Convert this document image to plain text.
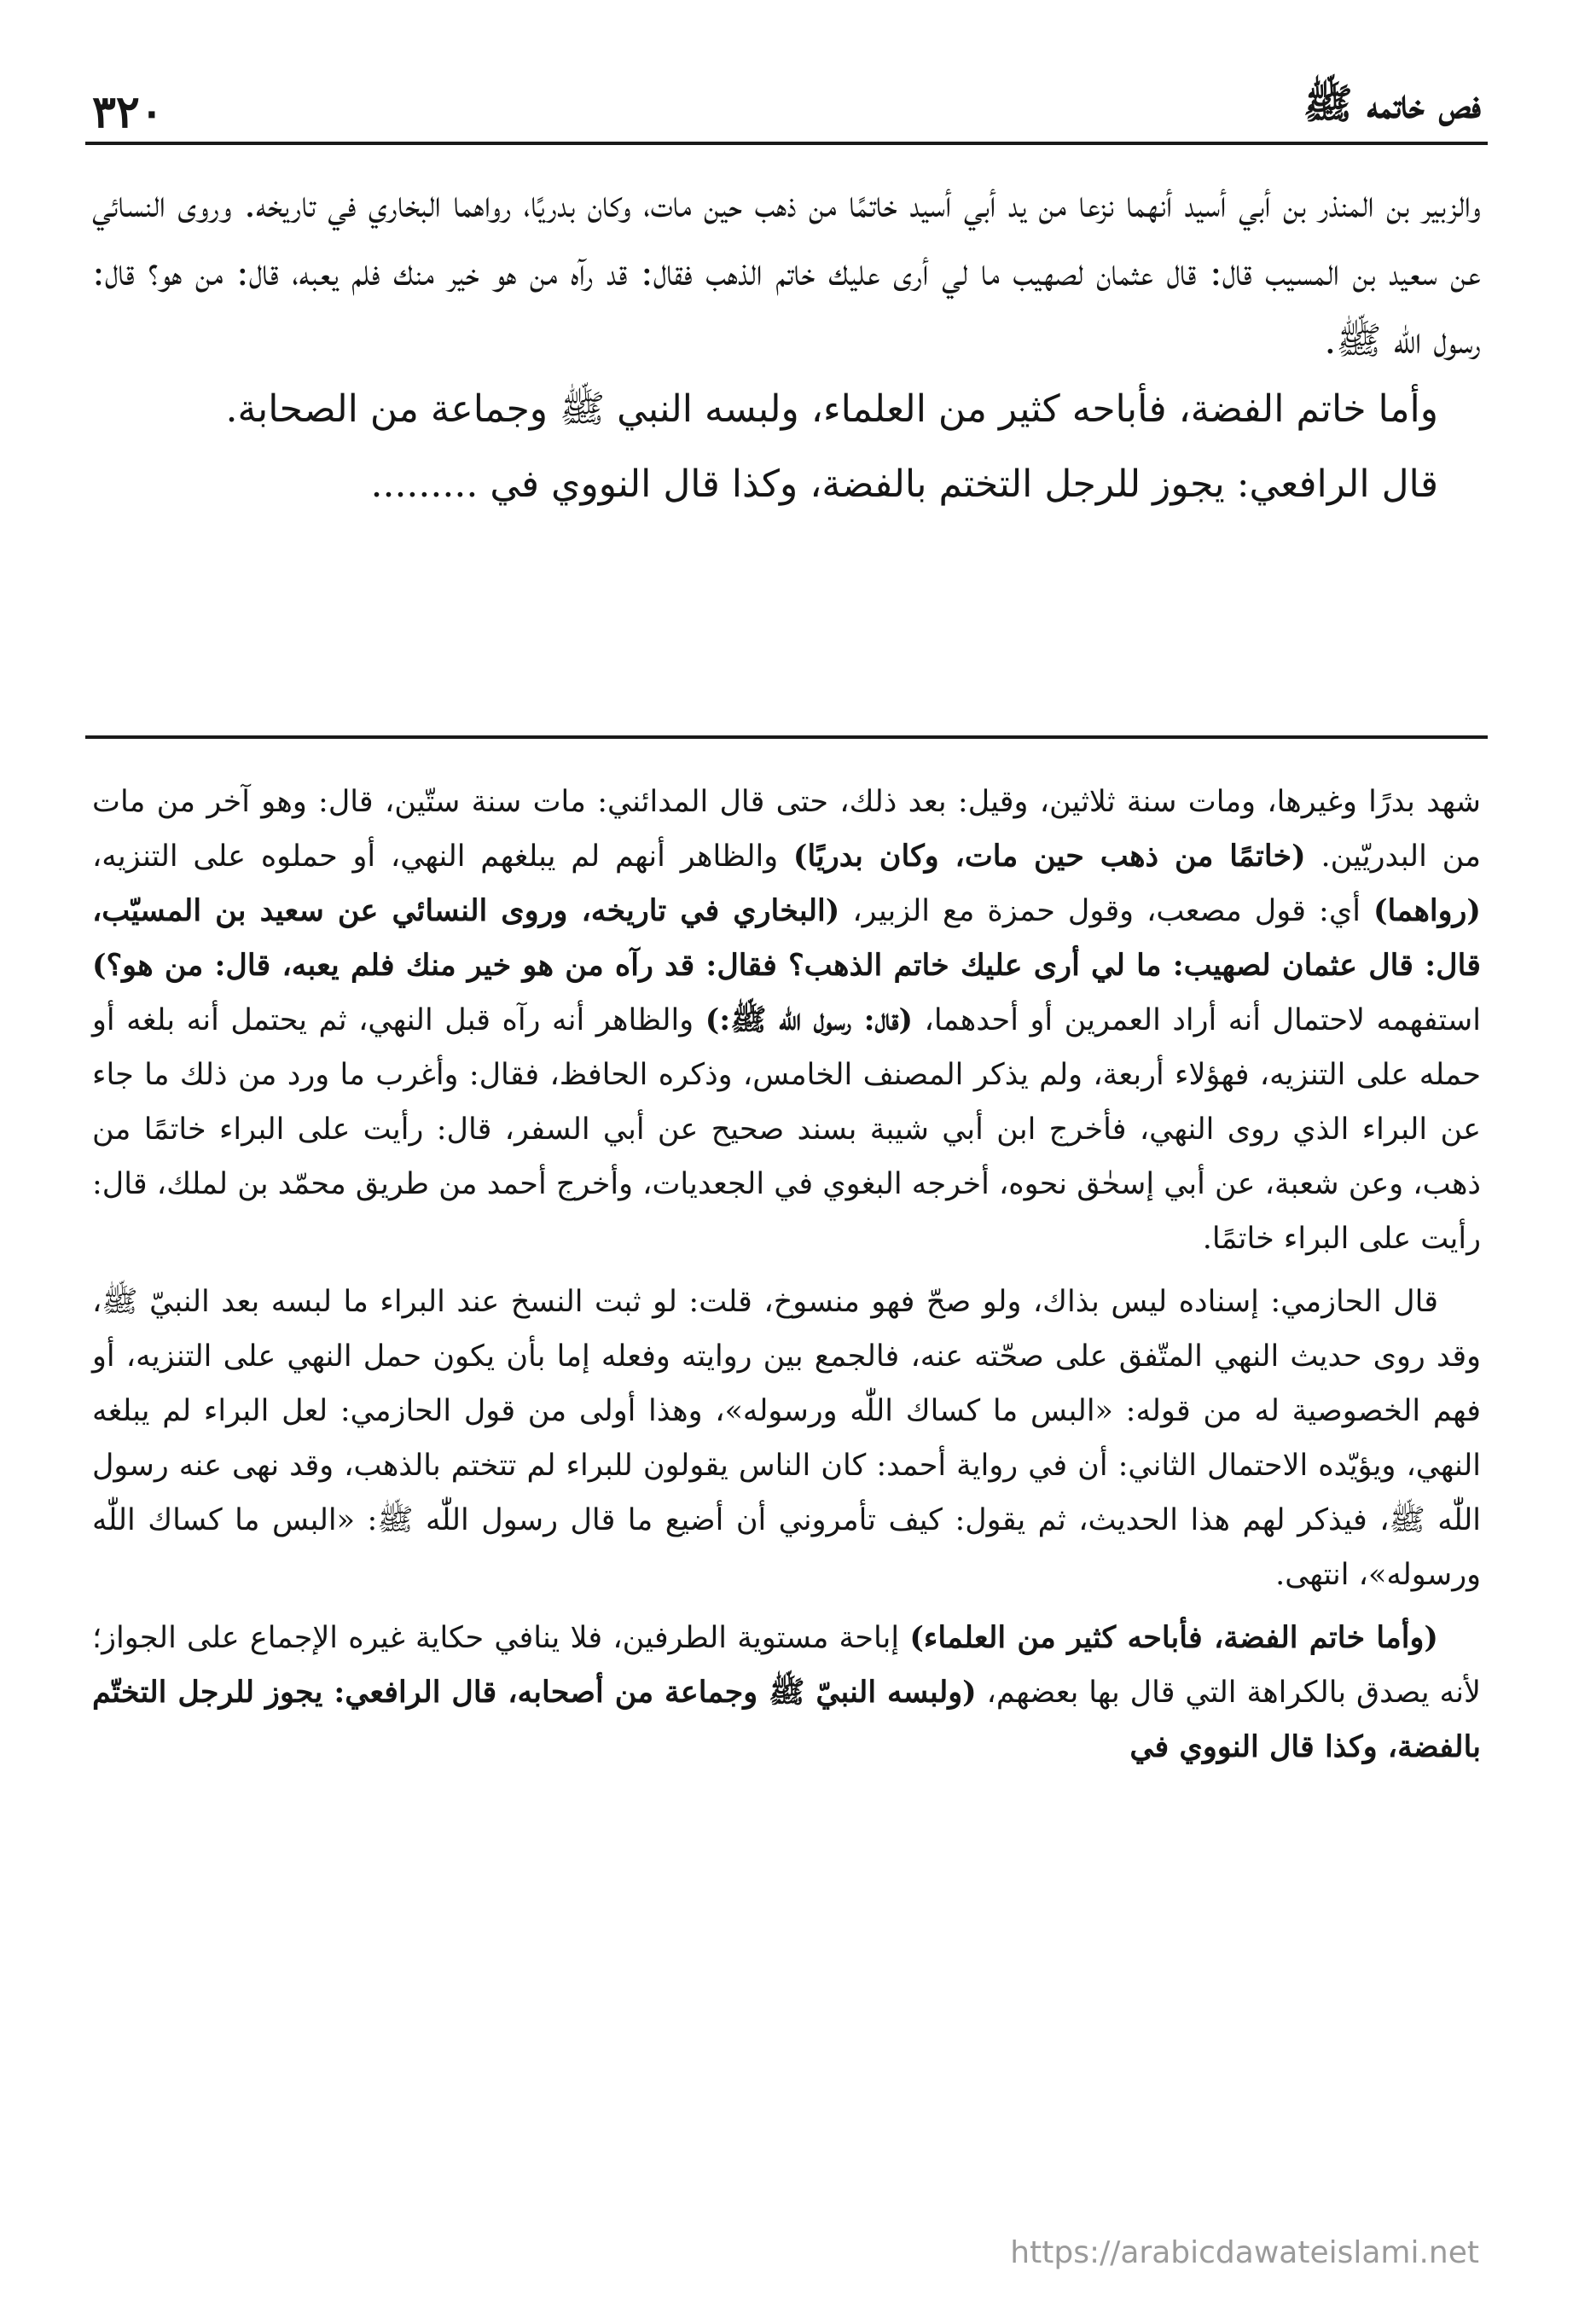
٣٢٠	فص خاتمه ﷺ

والزبير بن المنذر بن أبي أسيد أنهما نزعا من يد أبي أسيد خاتمًا من ذهب حين مات، وكان بدريًا، رواهما البخاري في تاريخه. وروى النسائي عن سعيد بن المسيب قال: قال عثمان لصهيب ما لي أرى عليك خاتم الذهب فقال: قد رآه من هو خير منك فلم يعبه، قال: من هو؟ قال: رسول الله ﷺ.

وأما خاتم الفضة، فأباحه كثير من العلماء، ولبسه النبي ﷺ وجماعة من الصحابة.

قال الرافعي: يجوز للرجل التختم بالفضة، وكذا قال النووي في .........

شهد بدرًا وغيرها، ومات سنة ثلاثين، وقيل: بعد ذلك، حتى قال المدائني: مات سنة ستّين، قال: وهو آخر من مات من البدريّين. (خاتمًا من ذهب حين مات، وكان بدريًا) والظاهر أنهم لم يبلغهم النهي، أو حملوه على التنزيه، (رواهما) أي: قول مصعب، وقول حمزة مع الزبير، (البخاري في تاريخه، وروى النسائي عن سعيد بن المسيّب، قال: قال عثمان لصهيب: ما لي أرى عليك خاتم الذهب؟ فقال: قد رآه من هو خير منك فلم يعبه، قال: من هو؟) استفهمه لاحتمال أنه أراد العمرين أو أحدهما، (قال: رسول اللّٰه ﷺ:) والظاهر أنه رآه قبل النهي، ثم يحتمل أنه بلغه أو حمله على التنزيه، فهؤلاء أربعة، ولم يذكر المصنف الخامس، وذكره الحافظ، فقال: وأغرب ما ورد من ذلك ما جاء عن البراء الذي روى النهي، فأخرج ابن أبي شيبة بسند صحيح عن أبي السفر، قال: رأيت على البراء خاتمًا من ذهب، وعن شعبة، عن أبي إسحٰق نحوه، أخرجه البغوي في الجعديات، وأخرج أحمد من طريق محمّد بن لملك، قال: رأيت على البراء خاتمًا.

قال الحازمي: إسناده ليس بذاك، ولو صحّ فهو منسوخ، قلت: لو ثبت النسخ عند البراء ما لبسه بعد النبيّ ﷺ، وقد روى حديث النهي المتّفق على صحّته عنه، فالجمع بين روايته وفعله إما بأن يكون حمل النهي على التنزيه، أو فهم الخصوصية له من قوله: «البس ما كساك اللّٰه ورسوله»، وهذا أولى من قول الحازمي: لعل البراء لم يبلغه النهي، ويؤيّده الاحتمال الثاني: أن في رواية أحمد: كان الناس يقولون للبراء لم تتختم بالذهب، وقد نهى عنه رسول اللّٰه ﷺ، فيذكر لهم هذا الحديث، ثم يقول: كيف تأمروني أن أضيع ما قال رسول اللّٰه ﷺ: «البس ما كساك اللّٰه ورسوله»، انتهى.

(وأما خاتم الفضة، فأباحه كثير من العلماء) إباحة مستوية الطرفين، فلا ينافي حكاية غيره الإجماع على الجواز؛ لأنه يصدق بالكراهة التي قال بها بعضهم، (ولبسه النبيّ ﷺ وجماعة من أصحابه، قال الرافعي: يجوز للرجل التختّم بالفضة، وكذا قال النووي في

https://arabicdawateislami.net
